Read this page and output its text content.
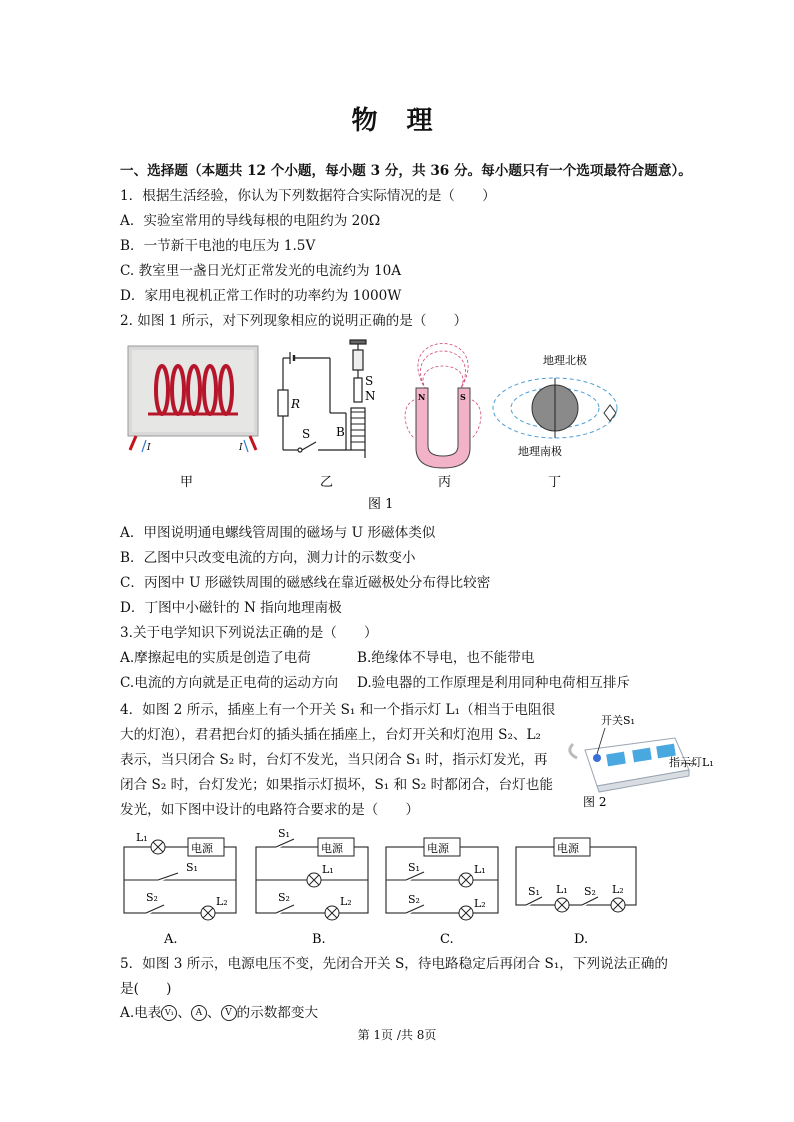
物 理
一、选择题（本题共 12 个小题，每小题 3 分，共 36 分。每小题只有一个选项最符合题意）。
1．根据生活经验，你认为下列数据符合实际情况的是（　　）
A．实验室常用的导线每根的电阻约为 20Ω
B．一节新干电池的电压为 1.5V
C. 教室里一盏日光灯正常发光的电流约为 10A
D．家用电视机正常工作时的功率约为 1000W
2. 如图 1 所示，对下列现象相应的说明正确的是（　　）
I	I
R
S B
S
N	N	S
地理北极
地理南极
甲	乙	丙	丁
图 1
A．甲图说明通电螺线管周围的磁场与 U 形磁体类似
B．乙图中只改变电流的方向，测力计的示数变小
C．丙图中 U 形磁铁周围的磁感线在靠近磁极处分布得比较密
D．丁图中小磁针的 N 指向地理南极
3.关于电学知识下列说法正确的是（　　）
A.摩擦起电的实质是创造了电荷	B.绝缘体不导电，也不能带电
C.电流的方向就是正电荷的运动方向 D.验电器的工作原理是利用同种电荷相互排斥
4．如图 2 所示，插座上有一个开关 S₁ 和一个指示灯 L₁（相当于电阻很
大的灯泡），君君把台灯的插头插在插座上，台灯开关和灯泡用 S₂、L₂
表示，当只闭合 S₂ 时，台灯不发光，当只闭合 S₁ 时，指示灯发光，再
闭合 S₂ 时，台灯发光；如果指示灯损坏，S₁ 和 S₂ 时都闭合，台灯也能
发光，如下图中设计的电路符合要求的是（　　）
开关S₁
指示灯L₁
图 2
电源	电源	电源	电源
L₁
S₁
S₂	L₂
S₁
L₁
S₂	L₂
S₁	L₁
S₂	L₂
S₁ L₁ S₂ L₂
A.	B.	C.	D.
5．如图 3 所示，电源电压不变，先闭合开关 S，待电路稳定后再闭合 S₁，下列说法正确的
是(　　)
A.电表 V₁ 、 A 、 V 的示数都变大
第 1页 /共 8页
